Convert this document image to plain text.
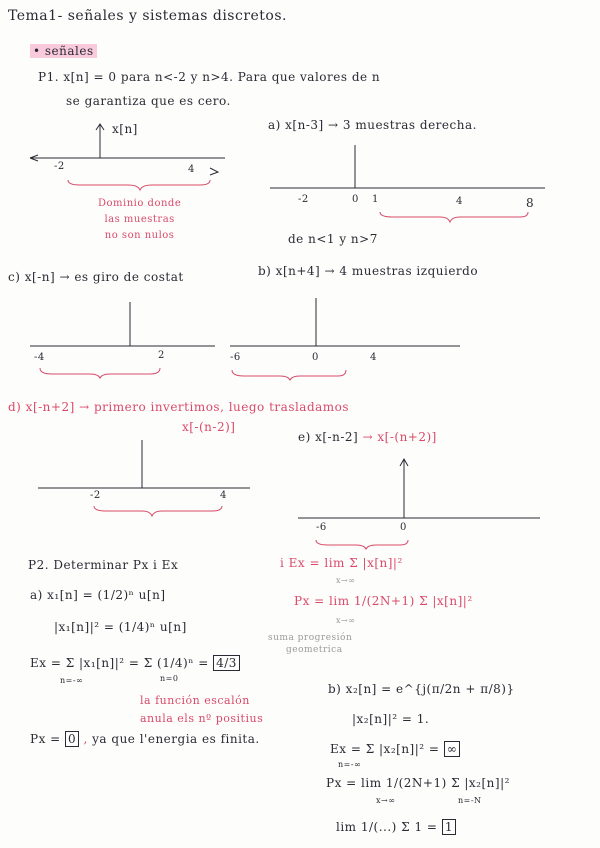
Tema1- señales y sistemas discretos.
• señales
P1. x[n] = 0 para n<-2 y n>4. Para que valores de n
se garantiza que es cero.
x[n]
-2	4
Dominio donde
las muestras
no son nulos
a) x[n-3] → 3 muestras derecha.
-2	0 1	4	8
de n<1 y n>7
c) x[-n] → es giro de costat	b) x[n+4] → 4 muestras izquierdo
-4	2	-6	0	4
d) x[-n+2] → primero invertimos, luego trasladamos
x[-(n-2)]
-2	4
e) x[-n-2] → x[-(n+2)]
-6	0
P2. Determinar Px i Ex	i Ex = lim Σ |x[n]|²
x→∞
Px = lim 1/(2N+1) Σ |x[n]|²
x→∞
a) x₁[n] = (1/2)ⁿ u[n]
|x₁[n]|² = (1/4)ⁿ u[n]
suma progresión
geometrica
Ex = Σ |x₁[n]|² = Σ (1/4)ⁿ = 4/3
n=-∞	n=0
la función escalón
anula els nº positius
Px = 0 , ya que l'energia es finita.
b) x₂[n] = e^{j(π/2n + π/8)}
|x₂[n]|² = 1.
Ex = Σ |x₂[n]|² = ∞
n=-∞
Px = lim 1/(2N+1) Σ |x₂[n]|²
x→∞	n=-N
lim 1/(...) Σ 1 = 1
